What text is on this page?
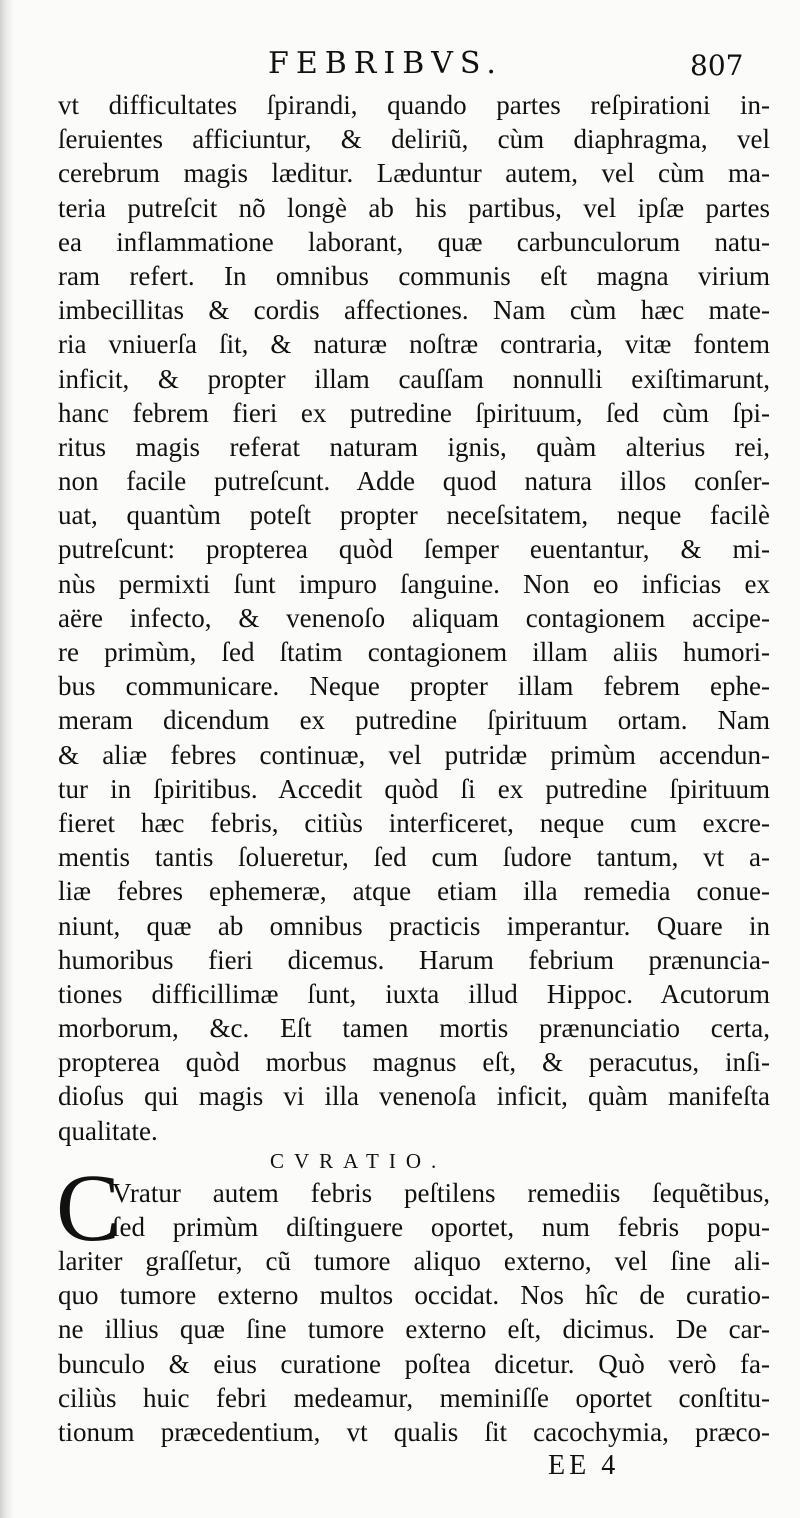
FEBRIBVS.	807
vt difficultates ſpirandi, quando partes reſpirationi in-
ſeruientes afficiuntur, & deliriũ, cùm diaphragma, vel
cerebrum magis læditur. Læduntur autem, vel cùm ma-
teria putreſcit nõ longè ab his partibus, vel ipſæ partes
ea inflammatione laborant, quæ carbunculorum natu-
ram refert. In omnibus communis eſt magna virium
imbecillitas & cordis affectiones. Nam cùm hæc mate-
ria vniuerſa ſit, & naturæ noſtræ contraria, vitæ fontem
inficit, & propter illam cauſſam nonnulli exiſtimarunt,
hanc febrem fieri ex putredine ſpirituum, ſed cùm ſpi-
ritus magis referat naturam ignis, quàm alterius rei,
non facile putreſcunt. Adde quod natura illos conſer-
uat, quantùm poteſt propter neceſsitatem, neque facilè
putreſcunt: propterea quòd ſemper euentantur, & mi-
nùs permixti ſunt impuro ſanguine. Non eo inficias ex
aëre infecto, & venenoſo aliquam contagionem accipe-
re primùm, ſed ſtatim contagionem illam aliis humori-
bus communicare. Neque propter illam febrem ephe-
meram dicendum ex putredine ſpirituum ortam. Nam
& aliæ febres continuæ, vel putridæ primùm accendun-
tur in ſpiritibus. Accedit quòd ſi ex putredine ſpirituum
fieret hæc febris, citiùs interficeret, neque cum excre-
mentis tantis ſolueretur, ſed cum ſudore tantum, vt a-
liæ febres ephemeræ, atque etiam illa remedia conue-
niunt, quæ ab omnibus practicis imperantur. Quare in
humoribus fieri dicemus. Harum febrium prænuncia-
tiones difficillimæ ſunt, iuxta illud Hippoc. Acutorum
morborum, &c. Eſt tamen mortis prænunciatio certa,
propterea quòd morbus magnus eſt, & peracutus, inſi-
dioſus qui magis vi illa venenoſa inficit, quàm manifeſta
qualitate.
CVRATIO.
C
Vratur autem febris peſtilens remediis ſequẽtibus,
ſed primùm diſtinguere oportet, num febris popu-
lariter graſſetur, cũ tumore aliquo externo, vel ſine ali-
quo tumore externo multos occidat. Nos hîc de curatio-
ne illius quæ ſine tumore externo eſt, dicimus. De car-
bunculo & eius curatione poſtea dicetur. Quò verò fa-
ciliùs huic febri medeamur, meminiſſe oportet conſtitu-
tionum præcedentium, vt qualis ſit cacochymia, præco-
EE 4
